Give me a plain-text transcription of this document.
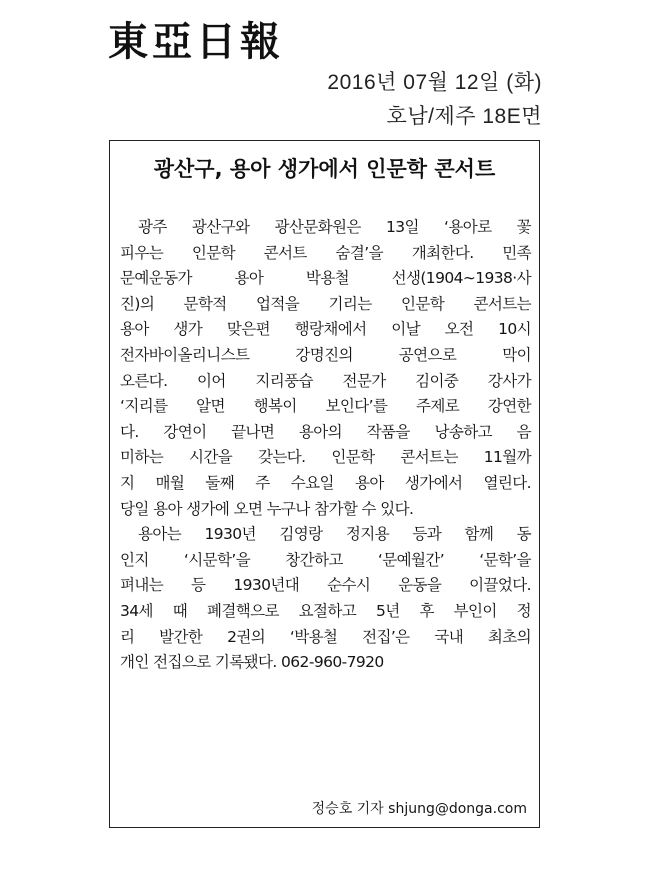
東亞日報
2016년 07월 12일 (화)
호남/제주 18E면
광산구, 용아 생가에서 인문학 콘서트
광주 광산구와 광산문화원은 13일 ‘용아로 꽃
피우는 인문학 콘서트 숨결’을 개최한다. 민족
문예운동가 용아 박용철 선생(1904∼1938·사
진)의 문학적 업적을 기리는 인문학 콘서트는
용아 생가 맞은편 행랑채에서 이날 오전 10시
전자바이올리니스트 강명진의 공연으로 막이
오른다. 이어 지리풍습 전문가 김이중 강사가
‘지리를 알면 행복이 보인다’를 주제로 강연한
다. 강연이 끝나면 용아의 작품을 낭송하고 음
미하는 시간을 갖는다. 인문학 콘서트는 11월까
지 매월 둘째 주 수요일 용아 생가에서 열린다.
당일 용아 생가에 오면 누구나 참가할 수 있다.
용아는 1930년 김영랑 정지용 등과 함께 동
인지 ‘시문학’을 창간하고 ‘문예월간’ ‘문학’을
펴내는 등 1930년대 순수시 운동을 이끌었다.
34세 때 폐결핵으로 요절하고 5년 후 부인이 정
리 발간한 2권의 ‘박용철 전집’은 국내 최초의
개인 전집으로 기록됐다. 062-960-7920
정승호 기자 shjung@donga.com
